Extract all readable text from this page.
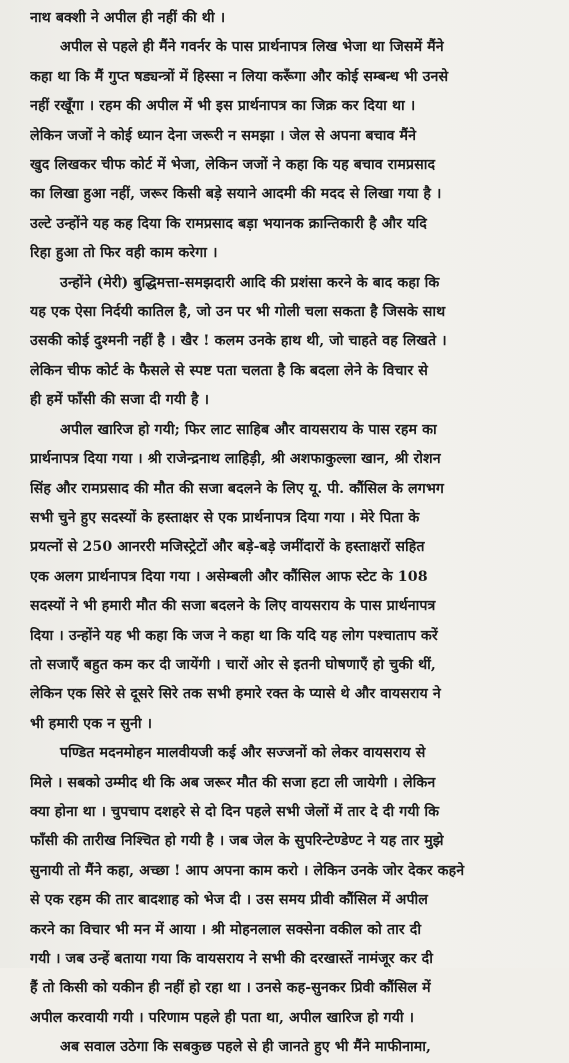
नाथ बक्शी ने अपील ही नहीं की थी ।

अपील से पहले ही मैंने गवर्नर के पास प्रार्थनापत्र लिख भेजा था जिसमें मैंने
कहा था कि मैं गुप्त षड्यन्त्रों में हिस्सा न लिया करूँगा और कोई सम्बन्ध भी उनसे
नहीं रखूँगा । रहम की अपील में भी इस प्रार्थनापत्र का जिक्र कर दिया था ।
लेकिन जजों ने कोई ध्यान देना जरूरी न समझा । जेल से अपना बचाव मैंने
खुद लिखकर चीफ कोर्ट में भेजा, लेकिन जजों ने कहा कि यह बचाव रामप्रसाद
का लिखा हुआ नहीं, जरूर किसी बड़े सयाने आदमी की मदद से लिखा गया है ।
उल्टे उन्होंने यह कह दिया कि रामप्रसाद बड़ा भयानक क्रान्तिकारी है और यदि
रिहा हुआ तो फिर वही काम करेगा ।

उन्होंने (मेरी) बुद्धिमत्ता-समझदारी आदि की प्रशंसा करने के बाद कहा कि
यह एक ऐसा निर्दयी कातिल है, जो उन पर भी गोली चला सकता है जिसके साथ
उसकी कोई दुश्मनी नहीं है । खैर ! कलम उनके हाथ थी, जो चाहते वह लिखते ।
लेकिन चीफ कोर्ट के फैसले से स्पष्ट पता चलता है कि बदला लेने के विचार से
ही हमें फाँसी की सजा दी गयी है ।

अपील खारिज हो गयी; फिर लाट साहिब और वायसराय के पास रहम का
प्रार्थनापत्र दिया गया । श्री राजेन्द्रनाथ लाहिड़ी, श्री अशफाकुल्ला खान, श्री रोशन
सिंह और रामप्रसाद की मौत की सजा बदलने के लिए यू. पी. कौंसिल के लगभग
सभी चुने हुए सदस्यों के हस्ताक्षर से एक प्रार्थनापत्र दिया गया । मेरे पिता के
प्रयत्नों से 250 आनररी मजिस्ट्रेटों और बड़े-बड़े जमींदारों के हस्ताक्षरों सहित
एक अलग प्रार्थनापत्र दिया गया । असेम्बली और कौंसिल आफ स्टेट के 108
सदस्यों ने भी हमारी मौत की सजा बदलने के लिए वायसराय के पास प्रार्थनापत्र
दिया । उन्होंने यह भी कहा कि जज ने कहा था कि यदि यह लोग पश्चाताप करें
तो सजाएँ बहुत कम कर दी जायेंगी । चारों ओर से इतनी घोषणाएँ हो चुकी थीं,
लेकिन एक सिरे से दूसरे सिरे तक सभी हमारे रक्त के प्यासे थे और वायसराय ने
भी हमारी एक न सुनी ।

पण्डित मदनमोहन मालवीयजी कई और सज्जनों को लेकर वायसराय से
मिले । सबको उम्मीद थी कि अब जरूर मौत की सजा हटा ली जायेगी । लेकिन
क्या होना था । चुपचाप दशहरे से दो दिन पहले सभी जेलों में तार दे दी गयी कि
फाँसी की तारीख निश्चित हो गयी है । जब जेल के सुपरिन्टेण्डेण्ट ने यह तार मुझे
सुनायी तो मैंने कहा, अच्छा ! आप अपना काम करो । लेकिन उनके जोर देकर कहने
से एक रहम की तार बादशाह को भेज दी । उस समय प्रीवी कौंसिल में अपील
करने का विचार भी मन में आया । श्री मोहनलाल सक्सेना वकील को तार दी
गयी । जब उन्हें बताया गया कि वायसराय ने सभी की दरखास्तें नामंजूर कर दी
हैं तो किसी को यकीन ही नहीं हो रहा था । उनसे कह-सुनकर प्रिवी कौंसिल में
अपील करवायी गयी । परिणाम पहले ही पता था, अपील खारिज हो गयी ।

अब सवाल उठेगा कि सबकुछ पहले से ही जानते हुए भी मैंने माफीनामा,
